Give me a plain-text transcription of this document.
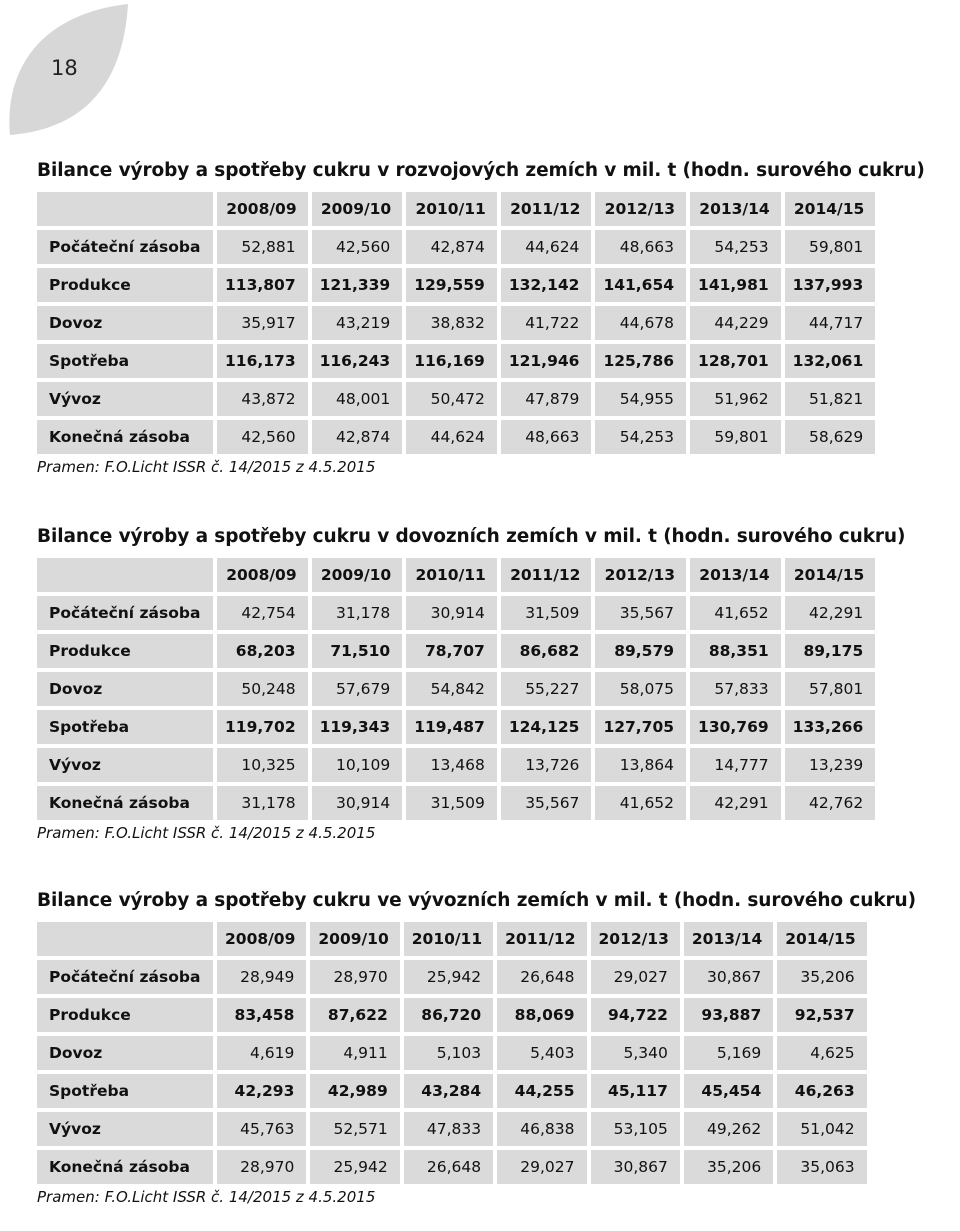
18
Bilance výroby a spotřeby cukru v rozvojových zemích v mil. t (hodn. surového cukru)
	2008/09	2009/10	2010/11	2011/12	2012/13	2013/14	2014/15
Počáteční zásoba	52,881	42,560	42,874	44,624	48,663	54,253	59,801
Produkce	113,807	121,339	129,559	132,142	141,654	141,981	137,993
Dovoz	35,917	43,219	38,832	41,722	44,678	44,229	44,717
Spotřeba	116,173	116,243	116,169	121,946	125,786	128,701	132,061
Vývoz	43,872	48,001	50,472	47,879	54,955	51,962	51,821
Konečná zásoba	42,560	42,874	44,624	48,663	54,253	59,801	58,629
Pramen: F.O.Licht ISSR č. 14/2015 z 4.5.2015
Bilance výroby a spotřeby cukru v dovozních zemích v mil. t (hodn. surového cukru)
	2008/09	2009/10	2010/11	2011/12	2012/13	2013/14	2014/15
Počáteční zásoba	42,754	31,178	30,914	31,509	35,567	41,652	42,291
Produkce	68,203	71,510	78,707	86,682	89,579	88,351	89,175
Dovoz	50,248	57,679	54,842	55,227	58,075	57,833	57,801
Spotřeba	119,702	119,343	119,487	124,125	127,705	130,769	133,266
Vývoz	10,325	10,109	13,468	13,726	13,864	14,777	13,239
Konečná zásoba	31,178	30,914	31,509	35,567	41,652	42,291	42,762
Pramen: F.O.Licht ISSR č. 14/2015 z 4.5.2015
Bilance výroby a spotřeby cukru ve vývozních zemích v mil. t (hodn. surového cukru)
	2008/09	2009/10	2010/11	2011/12	2012/13	2013/14	2014/15
Počáteční zásoba	28,949	28,970	25,942	26,648	29,027	30,867	35,206
Produkce	83,458	87,622	86,720	88,069	94,722	93,887	92,537
Dovoz	4,619	4,911	5,103	5,403	5,340	5,169	4,625
Spotřeba	42,293	42,989	43,284	44,255	45,117	45,454	46,263
Vývoz	45,763	52,571	47,833	46,838	53,105	49,262	51,042
Konečná zásoba	28,970	25,942	26,648	29,027	30,867	35,206	35,063
Pramen: F.O.Licht ISSR č. 14/2015 z 4.5.2015
